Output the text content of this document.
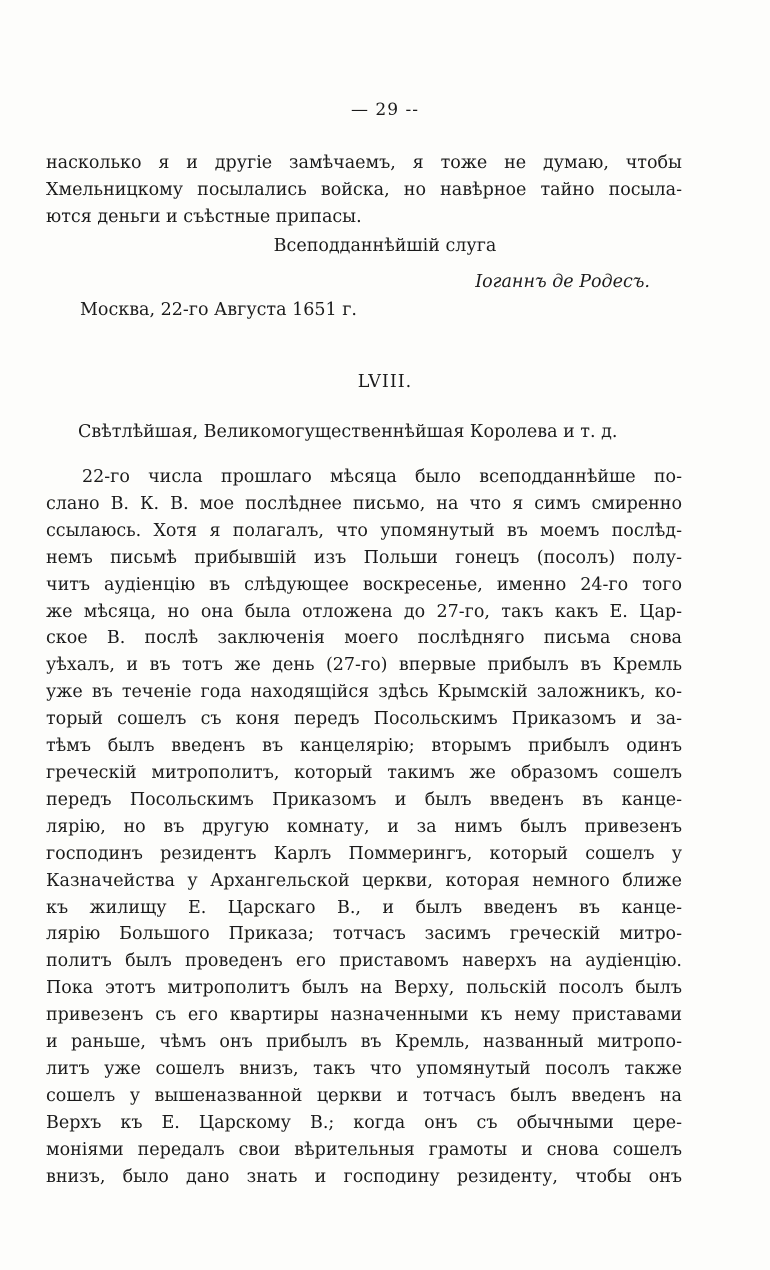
— 29 --
насколько я и другіе замѣчаемъ, я тоже не думаю, чтобы
Хмельницкому посылались войска, но навѣрное тайно посыла-
ются деньги и съѣстные припасы.
Всеподданнѣйшій слуга
Іоганнъ де Родесъ.
Москва, 22-го Августа 1651 г.
LVIII.
Свѣтлѣйшая, Великомогущественнѣйшая Королева и т. д.
22-го числа прошлаго мѣсяца было всеподданнѣйше по-
слано В. К. В. мое послѣднее письмо, на что я симъ смиренно
ссылаюсь. Хотя я полагалъ, что упомянутый въ моемъ послѣд-
немъ письмѣ прибывшій изъ Польши гонецъ (посолъ) полу-
читъ аудіенцію въ слѣдующее воскресенье, именно 24-го того
же мѣсяца, но она была отложена до 27-го, такъ какъ Е. Цар-
ское В. послѣ заключенія моего послѣдняго письма снова
уѣхалъ, и въ тотъ же день (27-го) впервые прибылъ въ Кремль
уже въ теченіе года находящійся здѣсь Крымскій заложникъ, ко-
торый сошелъ съ коня передъ Посольскимъ Приказомъ и за-
тѣмъ былъ введенъ въ канцелярію; вторымъ прибылъ одинъ
греческій митрополитъ, который такимъ же образомъ сошелъ
передъ Посольскимъ Приказомъ и былъ введенъ въ канце-
лярію, но въ другую комнату, и за нимъ былъ привезенъ
господинъ резидентъ Карлъ Поммерингъ, который сошелъ у
Казначейства у Архангельской церкви, которая немного ближе
къ жилищу Е. Царскаго В., и былъ введенъ въ канце-
лярію Большого Приказа; тотчасъ засимъ греческій митро-
политъ былъ проведенъ его приставомъ наверхъ на аудіенцію.
Пока этотъ митрополитъ былъ на Верху, польскій посолъ былъ
привезенъ съ его квартиры назначенными къ нему приставами
и раньше, чѣмъ онъ прибылъ въ Кремль, названный митропо-
литъ уже сошелъ внизъ, такъ что упомянутый посолъ также
сошелъ у вышеназванной церкви и тотчасъ былъ введенъ на
Верхъ къ Е. Царскому В.; когда онъ съ обычными цере-
моніями передалъ свои вѣрительныя грамоты и снова сошелъ
внизъ, было дано знать и господину резиденту, чтобы онъ
